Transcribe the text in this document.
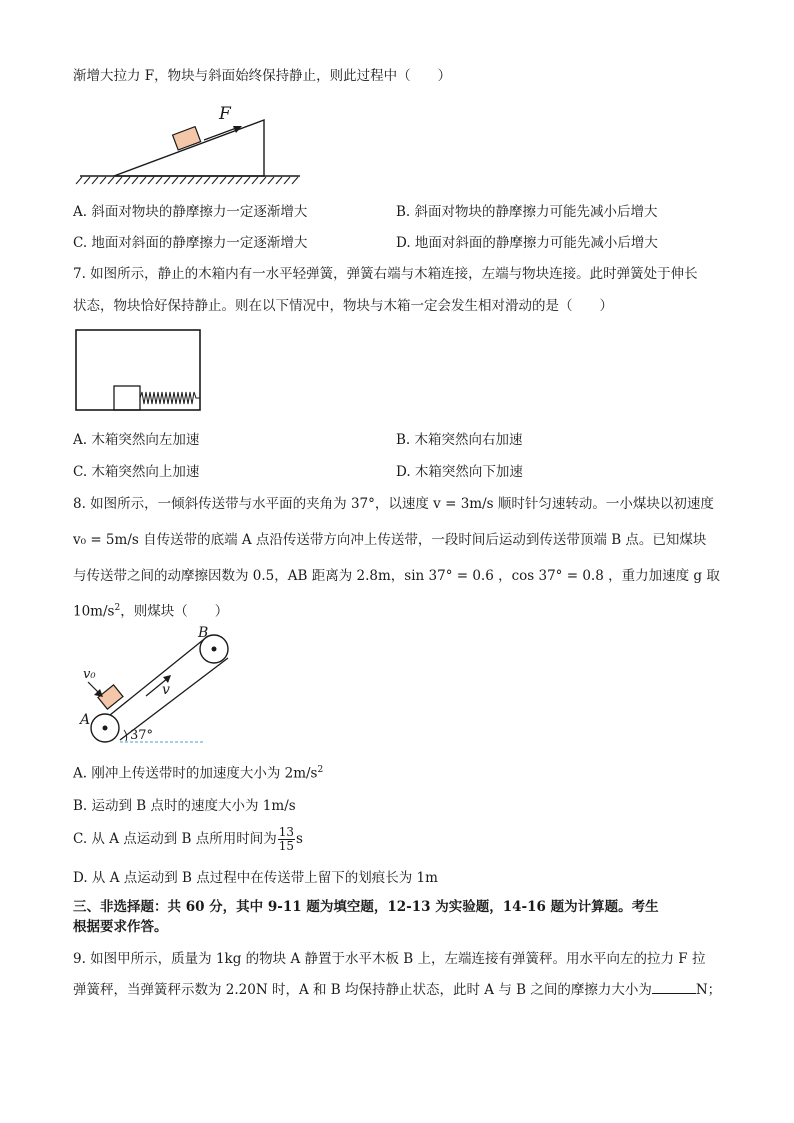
渐增大拉力 F，物块与斜面始终保持静止，则此过程中（　　）
F
A. 斜面对物块的静摩擦力一定逐渐增大	B. 斜面对物块的静摩擦力可能先减小后增大
C. 地面对斜面的静摩擦力一定逐渐增大	D. 地面对斜面的静摩擦力可能先减小后增大
7. 如图所示，静止的木箱内有一水平轻弹簧，弹簧右端与木箱连接，左端与物块连接。此时弹簧处于伸长
状态，物块恰好保持静止。则在以下情况中，物块与木箱一定会发生相对滑动的是（　　）
A. 木箱突然向左加速	B. 木箱突然向右加速
C. 木箱突然向上加速	D. 木箱突然向下加速
8. 如图所示，一倾斜传送带与水平面的夹角为 37°，以速度 v = 3m/s 顺时针匀速转动。一小煤块以初速度
v₀ = 5m/s 自传送带的底端 A 点沿传送带方向冲上传送带，一段时间后运动到传送带顶端 B 点。已知煤块
与传送带之间的动摩擦因数为 0.5，AB 距离为 2.8m，sin 37° = 0.6 ，cos 37° = 0.8 ，重力加速度 g 取
$10m/s^2$，则煤块（　　）
B
A
v₀
v
37°
A. 刚冲上传送带时的加速度大小为 $2m/s^2$
B. 运动到 B 点时的速度大小为 1m/s
C. 从 A 点运动到 B 点所用时间为 $\frac{13}{15}$ s
D. 从 A 点运动到 B 点过程中在传送带上留下的划痕长为 1m
三、非选择题：共 60 分，其中 9-11 题为填空题，12-13 为实验题，14-16 题为计算题。考生
根据要求作答。
9. 如图甲所示，质量为 1kg 的物块 A 静置于水平木板 B 上，左端连接有弹簧秤。用水平向左的拉力 F 拉
弹簧秤，当弹簧秤示数为 2.20N 时，A 和 B 均保持静止状态，此时 A 与 B 之间的摩擦力大小为	N；
